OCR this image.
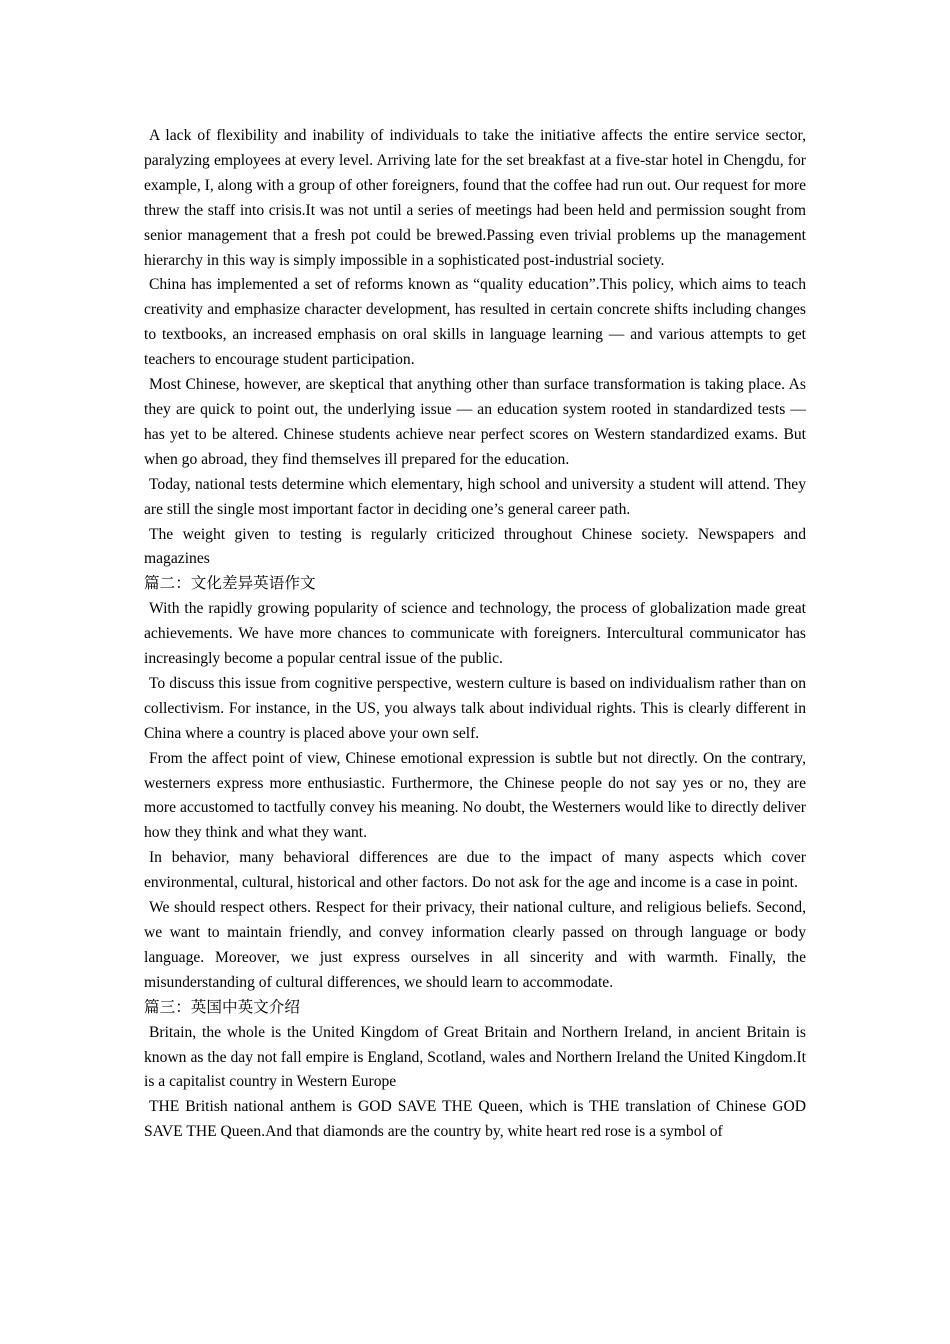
A lack of flexibility and inability of individuals to take the initiative affects the entire service sector, paralyzing employees at every level. Arriving late for the set breakfast at a five-star hotel in Chengdu, for example, I, along with a group of other foreigners, found that the coffee had run out. Our request for more threw the staff into crisis.It was not until a series of meetings had been held and permission sought from senior management that a fresh pot could be brewed.Passing even trivial problems up the management hierarchy in this way is simply impossible in a sophisticated post-industrial society.

China has implemented a set of reforms known as “quality education”.This policy, which aims to teach creativity and emphasize character development, has resulted in certain concrete shifts including changes to textbooks, an increased emphasis on oral skills in language learning — and various attempts to get teachers to encourage student participation.

Most Chinese, however, are skeptical that anything other than surface transformation is taking place. As they are quick to point out, the underlying issue — an education system rooted in standardized tests — has yet to be altered. Chinese students achieve near perfect scores on Western standardized exams. But when go abroad, they find themselves ill prepared for the education.

Today, national tests determine which elementary, high school and university a student will attend. They are still the single most important factor in deciding one’s general career path.

The weight given to testing is regularly criticized throughout Chinese society. Newspapers and magazines

篇二：文化差异英语作文

With the rapidly growing popularity of science and technology, the process of globalization made great achievements. We have more chances to communicate with foreigners. Intercultural communicator has increasingly become a popular central issue of the public.

To discuss this issue from cognitive perspective, western culture is based on individualism rather than on collectivism. For instance, in the US, you always talk about individual rights. This is clearly different in China where a country is placed above your own self.

From the affect point of view, Chinese emotional expression is subtle but not directly. On the contrary, westerners express more enthusiastic. Furthermore, the Chinese people do not say yes or no, they are more accustomed to tactfully convey his meaning. No doubt, the Westerners would like to directly deliver how they think and what they want.

In behavior, many behavioral differences are due to the impact of many aspects which cover environmental, cultural, historical and other factors. Do not ask for the age and income is a case in point.

We should respect others. Respect for their privacy, their national culture, and religious beliefs. Second, we want to maintain friendly, and convey information clearly passed on through language or body language. Moreover, we just express ourselves in all sincerity and with warmth. Finally, the misunderstanding of cultural differences, we should learn to accommodate.

篇三：英国中英文介绍

Britain, the whole is the United Kingdom of Great Britain and Northern Ireland, in ancient Britain is known as the day not fall empire is England, Scotland, wales and Northern Ireland the United Kingdom.It is a capitalist country in Western Europe

THE British national anthem is GOD SAVE THE Queen, which is THE translation of Chinese GOD SAVE THE Queen.And that diamonds are the country by, white heart red rose is a symbol of
